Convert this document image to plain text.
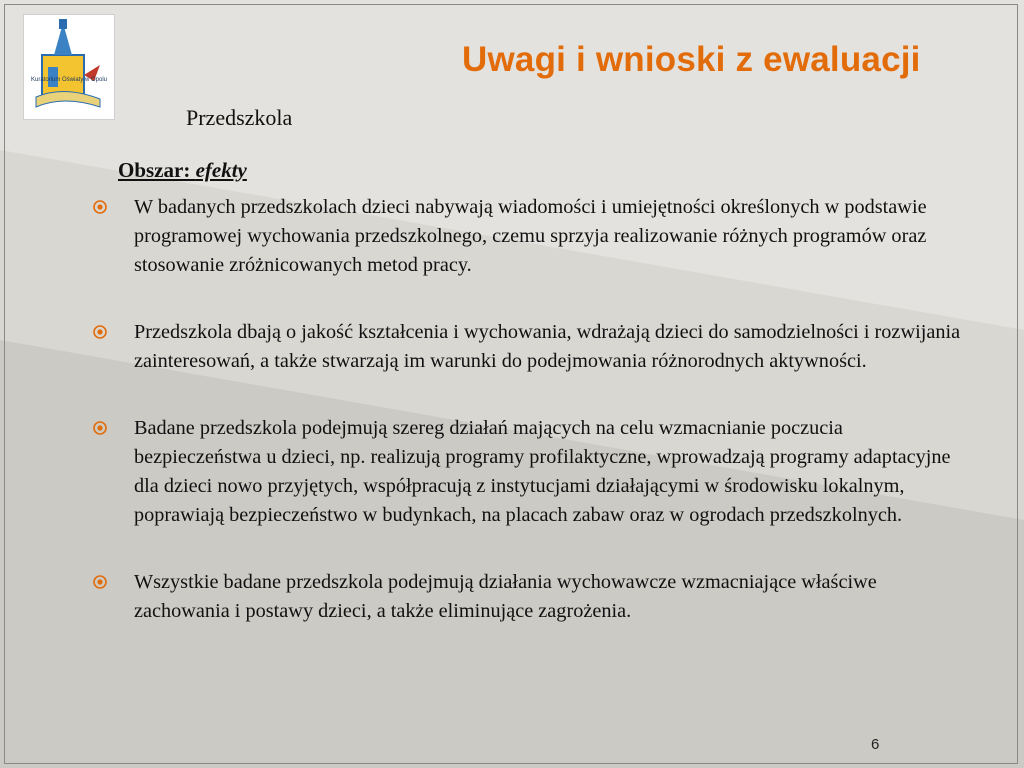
Kuratorium Oświaty w Opolu
Uwagi i wnioski z ewaluacji
Przedszkola
Obszar: efekty
W badanych przedszkolach dzieci nabywają wiadomości i umiejętności określonych w podstawie programowej wychowania przedszkolnego, czemu sprzyja realizowanie różnych programów oraz stosowanie zróżnicowanych metod pracy.
Przedszkola dbają o jakość kształcenia i wychowania, wdrażają dzieci do samodzielności i rozwijania zainteresowań, a także stwarzają im warunki do podejmowania różnorodnych aktywności.
Badane przedszkola podejmują szereg działań mających na celu wzmacnianie poczucia bezpieczeństwa u dzieci, np. realizują programy profilaktyczne, wprowadzają programy adaptacyjne dla dzieci nowo przyjętych, współpracują z instytucjami działającymi w środowisku lokalnym, poprawiają bezpieczeństwo w budynkach, na placach zabaw oraz w ogrodach przedszkolnych.
Wszystkie badane przedszkola podejmują działania wychowawcze wzmacniające właściwe zachowania i postawy dzieci, a także eliminujące zagrożenia.
6
